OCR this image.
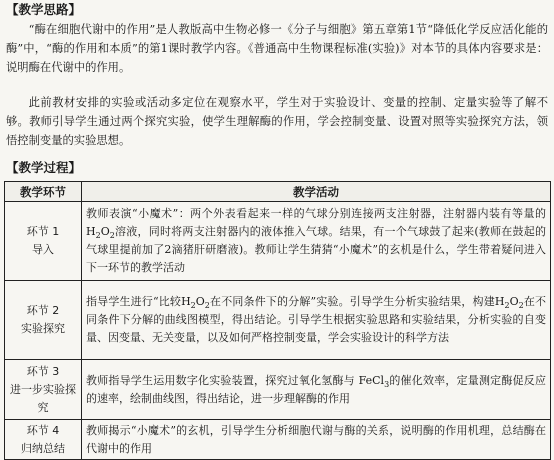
【教学思路】

“酶在细胞代谢中的作用”是人教版高中生物必修一《分子与细胞》第五章第1节“降低化学反应活化能的酶”中，“酶的作用和本质”的第1课时教学内容。《普通高中生物课程标准(实验)》对本节的具体内容要求是：说明酶在代谢中的作用。

此前教材安排的实验或活动多定位在观察水平，学生对于实验设计、变量的控制、定量实验等了解不够。教师引导学生通过两个探究实验，使学生理解酶的作用，学会控制变量、设置对照等实验探究方法，领悟控制变量的实验思想。

【教学过程】
教学环节	教学活动

环节 1
导入	教师表演“小魔术”：两个外表看起来一样的气球分别连接两支注射器，注射器内装有等量的$H_2O_2$溶液，同时将两支注射器内的液体推入气球。结果，有一个气球鼓了起来(教师在鼓起的气球里提前加了2滴猪肝研磨液)。教师让学生猜猜“小魔术”的玄机是什么，学生带着疑问进入下一环节的教学活动

环节 2
实验探究	指导学生进行“比较$H_2O_2$在不同条件下的分解”实验。引导学生分析实验结果，构建$H_2O_2$在不同条件下分解的曲线图模型，得出结论。引导学生根据实验思路和实验结果，分析实验的自变量、因变量、无关变量，以及如何严格控制变量，学会实验设计的科学方法

环节 3
进一步实验探究	教师指导学生运用数字化实验装置，探究过氧化氢酶与 FeCl$_3$的催化效率，定量测定酶促反应的速率，绘制曲线图，得出结论，进一步理解酶的作用

环节 4
归纳总结	教师揭示“小魔术”的玄机，引导学生分析细胞代谢与酶的关系，说明酶的作用机理，总结酶在代谢中的作用
